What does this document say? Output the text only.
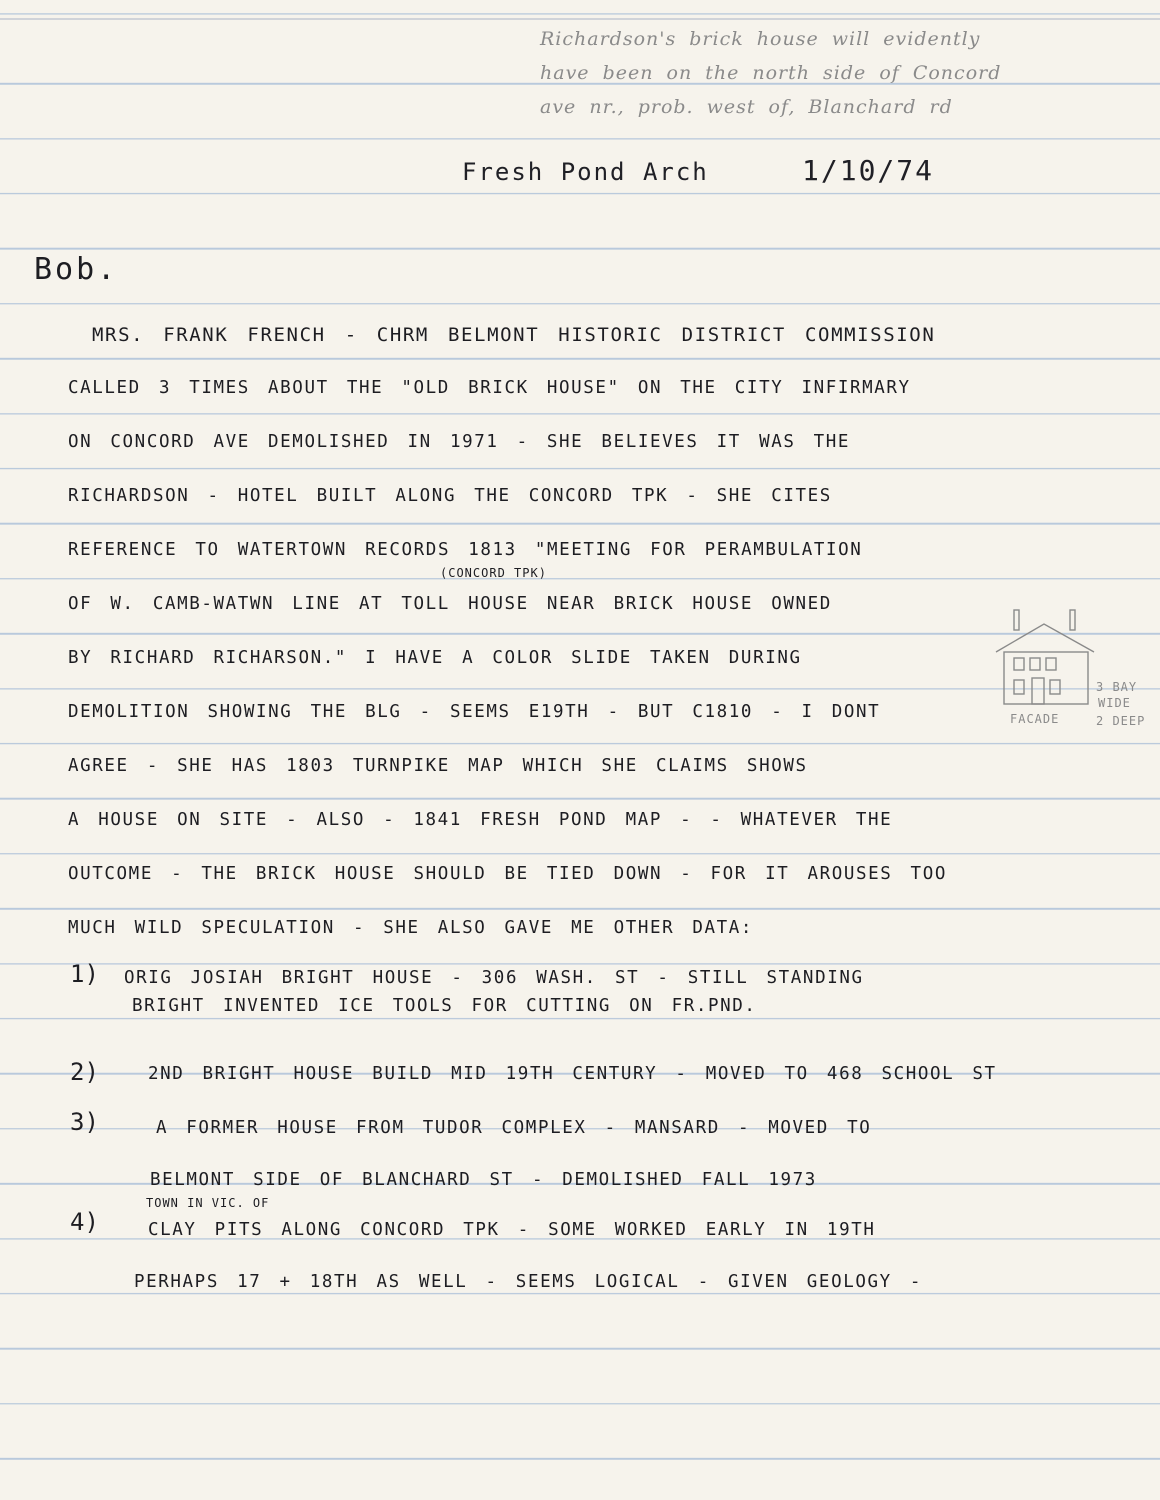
Richardson's brick house will evidently
have been on the north side of Concord
ave nr., prob. west of, Blanchard rd
Fresh Pond Arch	1/10/74
Bob.
MRS. FRANK FRENCH - CHRM BELMONT HISTORIC DISTRICT COMMISSION
CALLED 3 TIMES ABOUT THE "OLD BRICK HOUSE" ON THE CITY INFIRMARY
ON CONCORD AVE DEMOLISHED IN 1971 - SHE BELIEVES IT WAS THE
RICHARDSON - HOTEL BUILT ALONG THE CONCORD TPK - SHE CITES
REFERENCE TO WATERTOWN RECORDS 1813 "MEETING FOR PERAMBULATION
(CONCORD TPK)
OF W. CAMB-WATWN LINE AT TOLL HOUSE NEAR BRICK HOUSE OWNED
BY RICHARD RICHARSON." I HAVE A COLOR SLIDE TAKEN DURING
DEMOLITION SHOWING THE BLG - SEEMS E19TH - BUT C1810 - I DONT
AGREE - SHE HAS 1803 TURNPIKE MAP WHICH SHE CLAIMS SHOWS
A HOUSE ON SITE - ALSO - 1841 FRESH POND MAP - - WHATEVER THE
OUTCOME - THE BRICK HOUSE SHOULD BE TIED DOWN - FOR IT AROUSES TOO
MUCH WILD SPECULATION - SHE ALSO GAVE ME OTHER DATA:
1) ORIG JOSIAH BRIGHT HOUSE - 306 WASH. ST - STILL STANDING
BRIGHT INVENTED ICE TOOLS FOR CUTTING ON FR.PND.
2)	2ND BRIGHT HOUSE BUILD MID 19TH CENTURY - MOVED TO 468 SCHOOL ST
3)	A FORMER HOUSE FROM TUDOR COMPLEX - MANSARD - MOVED TO
BELMONT SIDE OF BLANCHARD ST - DEMOLISHED FALL 1973
TOWN IN VIC. OF
4)	CLAY PITS ALONG CONCORD TPK - SOME WORKED EARLY IN 19TH
PERHAPS 17 + 18TH AS WELL - SEEMS LOGICAL - GIVEN GEOLOGY -
FACADE
3 BAY
WIDE
2 DEEP
